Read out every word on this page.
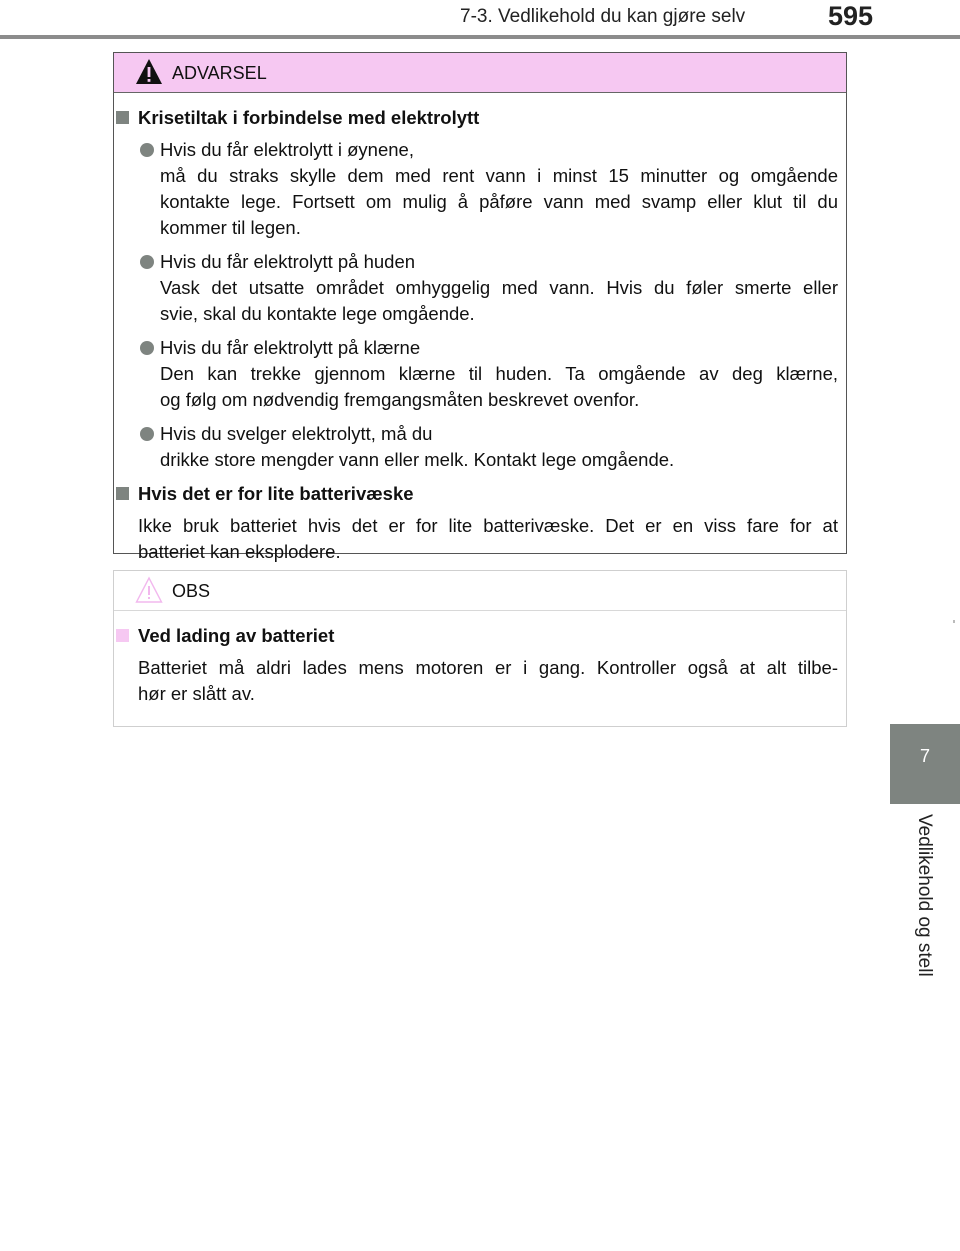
7-3. Vedlikehold du kan gjøre selv	595
7
Vedlikehold og stell
ADVARSEL
Krisetiltak i forbindelse med elektrolytt
Hvis du får elektrolytt i øynene,
må du straks skylle dem med rent vann i minst 15 minutter og omgående
kontakte lege. Fortsett om mulig å påføre vann med svamp eller klut til du
kommer til legen.
Hvis du får elektrolytt på huden
Vask det utsatte området omhyggelig med vann. Hvis du føler smerte eller
svie, skal du kontakte lege omgående.
Hvis du får elektrolytt på klærne
Den kan trekke gjennom klærne til huden. Ta omgående av deg klærne,
og følg om nødvendig fremgangsmåten beskrevet ovenfor.
Hvis du svelger elektrolytt, må du
drikke store mengder vann eller melk. Kontakt lege omgående.
Hvis det er for lite batterivæske
Ikke bruk batteriet hvis det er for lite batterivæske. Det er en viss fare for at
batteriet kan eksplodere.
OBS
Ved lading av batteriet
Batteriet må aldri lades mens motoren er i gang. Kontroller også at alt tilbe-
hør er slått av.
